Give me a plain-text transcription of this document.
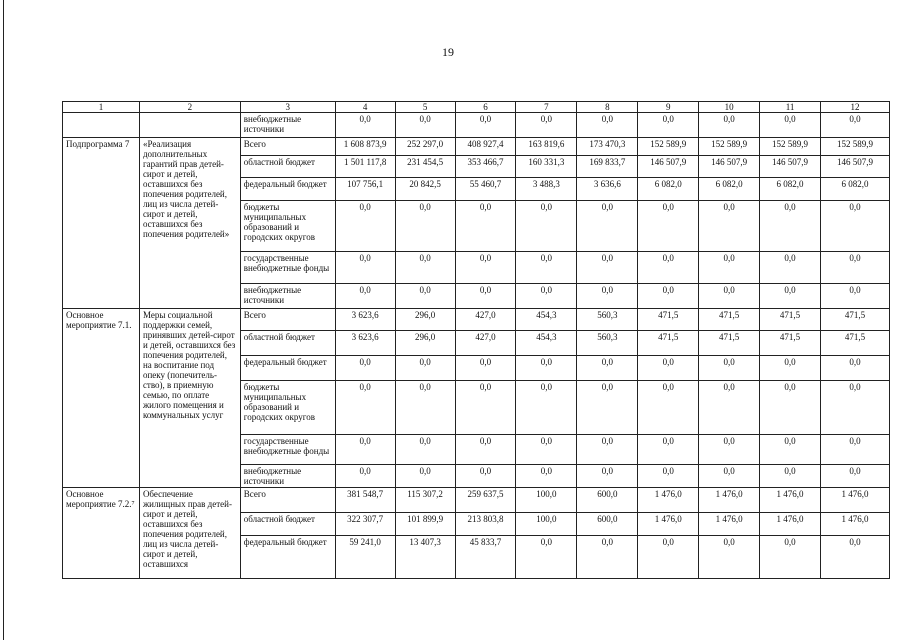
19
1	2	3	4	5	6	7	8	9	10	11	12
		внебюджетные источники	0,0	0,0	0,0	0,0	0,0	0,0	0,0	0,0	0,0
Подпрограмма 7	«Реализация дополнительных гарантий прав детей-сирот и детей, оставшихся без попечения родителей, лиц из числа детей-сирот и детей, оставшихся без попечения родителей»	Всего	1 608 873,9	252 297,0	408 927,4	163 819,6	173 470,3	152 589,9	152 589,9	152 589,9	152 589,9
		областной бюджет	1 501 117,8	231 454,5	353 466,7	160 331,3	169 833,7	146 507,9	146 507,9	146 507,9	146 507,9
		федеральный бюджет	107 756,1	20 842,5	55 460,7	3 488,3	3 636,6	6 082,0	6 082,0	6 082,0	6 082,0
		бюджеты муниципальных образований и городских округов	0,0	0,0	0,0	0,0	0,0	0,0	0,0	0,0	0,0
		государственные внебюджетные фонды	0,0	0,0	0,0	0,0	0,0	0,0	0,0	0,0	0,0
		внебюджетные источники	0,0	0,0	0,0	0,0	0,0	0,0	0,0	0,0	0,0
Основное мероприятие 7.1.	Меры социальной поддержки семей, принявших детей-сирот и детей, оставшихся без попечения родителей, на воспитание под опеку (попечитель-ство), в приемную семью, по оплате жилого помещения и коммунальных услуг	Всего	3 623,6	296,0	427,0	454,3	560,3	471,5	471,5	471,5	471,5
		областной бюджет	3 623,6	296,0	427,0	454,3	560,3	471,5	471,5	471,5	471,5
		федеральный бюджет	0,0	0,0	0,0	0,0	0,0	0,0	0,0	0,0	0,0
		бюджеты муниципальных образований и городских округов	0,0	0,0	0,0	0,0	0,0	0,0	0,0	0,0	0,0
		государственные внебюджетные фонды	0,0	0,0	0,0	0,0	0,0	0,0	0,0	0,0	0,0
		внебюджетные источники	0,0	0,0	0,0	0,0	0,0	0,0	0,0	0,0	0,0
Основное мероприятие 7.2.⁷	Обеспечение жилищных прав детей-сирот и детей, оставшихся без попечения родителей, лиц из числа детей-сирот и детей, оставшихся	Всего	381 548,7	115 307,2	259 637,5	100,0	600,0	1 476,0	1 476,0	1 476,0	1 476,0
		областной бюджет	322 307,7	101 899,9	213 803,8	100,0	600,0	1 476,0	1 476,0	1 476,0	1 476,0
		федеральный бюджет	59 241,0	13 407,3	45 833,7	0,0	0,0	0,0	0,0	0,0	0,0
